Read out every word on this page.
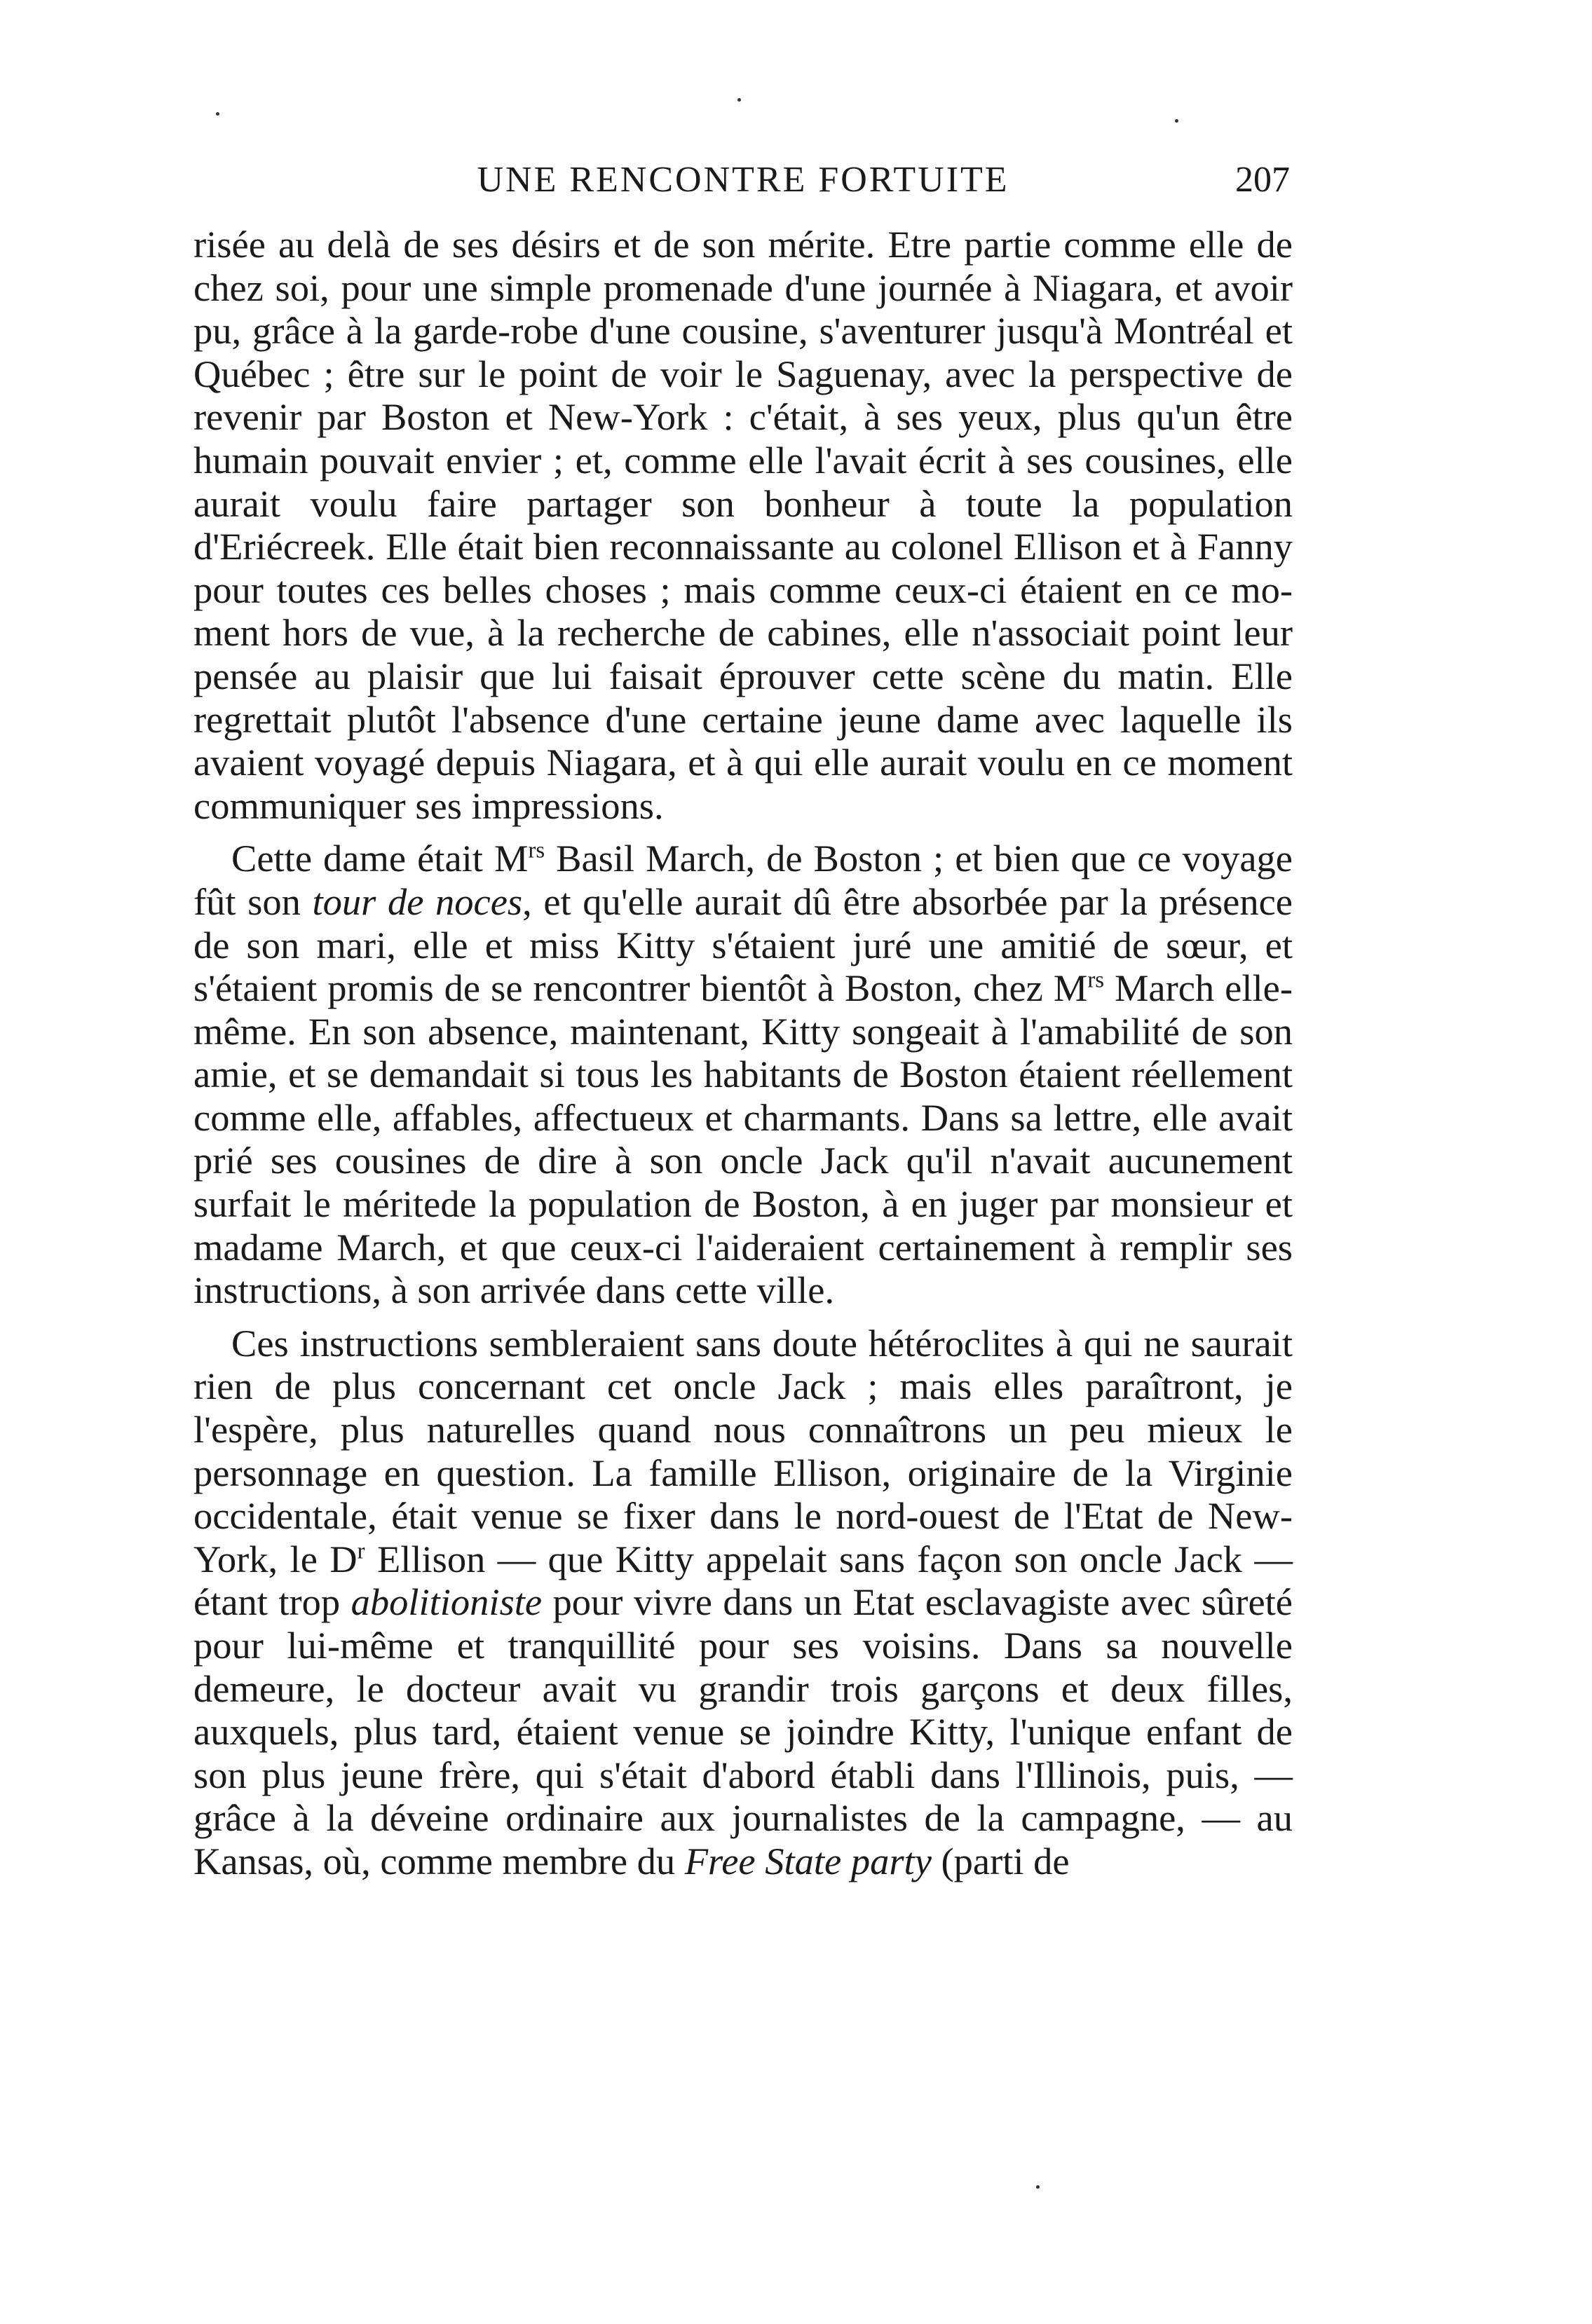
UNE RENCONTRE FORTUITE	207

risée au delà de ses désirs et de son mérite. Etre partie comme elle de chez soi, pour une simple promenade d'une journée à Niagara, et avoir pu, grâce à la garde-robe d'une cousine, s'aventurer jusqu'à Montréal et Québec ; être sur le point de voir le Saguenay, avec la perspective de revenir par Boston et New-York : c'était, à ses yeux, plus qu'un être humain pouvait envier ; et, comme elle l'avait écrit à ses cousines, elle aurait voulu faire partager son bonheur à toute la population d'Eriécreek. Elle était bien reconnaissante au colonel Ellison et à Fanny pour toutes ces belles choses ; mais comme ceux-ci étaient en ce mo-ment hors de vue, à la recherche de cabines, elle n'associait point leur pensée au plaisir que lui faisait éprouver cette scène du matin. Elle regrettait plutôt l'absence d'une certaine jeune dame avec laquelle ils avaient voyagé depuis Niagara, et à qui elle aurait voulu en ce moment communiquer ses impressions.

Cette dame était $M^{rs}$ Basil March, de Boston ; et bien que ce voyage fût son tour de noces, et qu'elle aurait dû être absorbée par la présence de son mari, elle et miss Kitty s'étaient juré une amitié de sœur, et s'étaient promis de se rencontrer bientôt à Boston, chez $M^{rs}$ March elle-même. En son absence, maintenant, Kitty songeait à l'amabilité de son amie, et se demandait si tous les habitants de Boston étaient réellement comme elle, affables, affectueux et charmants. Dans sa lettre, elle avait prié ses cousines de dire à son oncle Jack qu'il n'avait aucunement surfait le méritede la population de Boston, à en juger par monsieur et madame March, et que ceux-ci l'aideraient certainement à remplir ses instructions, à son arrivée dans cette ville.

Ces instructions sembleraient sans doute hétéroclites à qui ne saurait rien de plus concernant cet oncle Jack ; mais elles paraîtront, je l'espère, plus naturelles quand nous connaîtrons un peu mieux le personnage en question. La famille Ellison, originaire de la Virginie occidentale, était venue se fixer dans le nord-ouest de l'Etat de New-York, le $D^r$ Ellison — que Kitty appelait sans façon son oncle Jack — étant trop abolitioniste pour vivre dans un Etat esclavagiste avec sûreté pour lui-même et tranquillité pour ses voisins. Dans sa nouvelle demeure, le docteur avait vu grandir trois garçons et deux filles, auxquels, plus tard, étaient venue se joindre Kitty, l'unique enfant de son plus jeune frère, qui s'était d'abord établi dans l'Illinois, puis, — grâce à la déveine ordinaire aux journalistes de la campagne, — au Kansas, où, comme membre du Free State party (parti de
